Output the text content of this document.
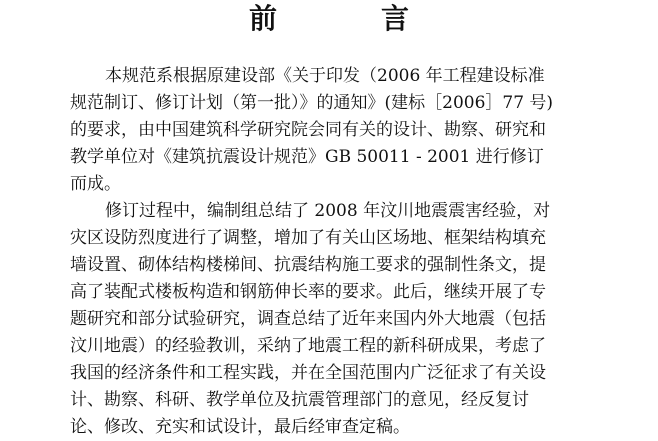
前　言
本规范系根据原建设部《关于印发（2006 年工程建设标准
规范制订、修订计划（第一批）》的通知》(建标［2006］77 号)
的要求，由中国建筑科学研究院会同有关的设计、勘察、研究和
教学单位对《建筑抗震设计规范》GB 50011 - 2001 进行修订
而成。
修订过程中，编制组总结了 2008 年汶川地震震害经验，对
灾区设防烈度进行了调整，增加了有关山区场地、框架结构填充
墙设置、砌体结构楼梯间、抗震结构施工要求的强制性条文，提
高了装配式楼板构造和钢筋伸长率的要求。此后，继续开展了专
题研究和部分试验研究，调查总结了近年来国内外大地震（包括
汶川地震）的经验教训，采纳了地震工程的新科研成果，考虑了
我国的经济条件和工程实践，并在全国范围内广泛征求了有关设
计、勘察、科研、教学单位及抗震管理部门的意见，经反复讨
论、修改、充实和试设计，最后经审查定稿。
